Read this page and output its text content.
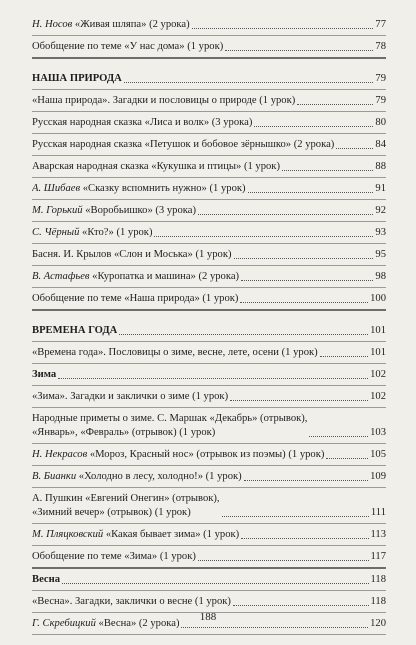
Н. Носов «Живая шляпа» (2 урока)	77
Обобщение по теме «У нас дома» (1 урок)	78
НАША ПРИРОДА	79
«Наша природа». Загадки и пословицы о природе (1 урок)	79
Русская народная сказка «Лиса и волк» (3 урока)	80
Русская народная сказка «Петушок и бобовое зёрнышко» (2 урока)	84
Аварская народная сказка «Кукушка и птицы» (1 урок)	88
А. Шибаев «Сказку вспомнить нужно» (1 урок)	91
М. Горький «Воробьишко» (3 урока)	92
С. Чёрный «Кто?» (1 урок)	93
Басня. И. Крылов «Слон и Моська» (1 урок)	95
В. Астафьев «Куропатка и машина» (2 урока)	98
Обобщение по теме «Наша природа» (1 урок)	100
ВРЕМЕНА ГОДА	101
«Времена года». Пословицы о зиме, весне, лете, осени (1 урок)	101
Зима	102
«Зима». Загадки и заклички о зиме (1 урок)	102
Народные приметы о зиме. С. Маршак «Декабрь» (отрывок),
«Январь», «Февраль» (отрывок) (1 урок)	103
Н. Некрасов «Мороз, Красный нос» (отрывок из поэмы) (1 урок)	105
В. Бианки «Холодно в лесу, холодно!» (1 урок)	109
А. Пушкин «Евгений Онегин» (отрывок),
«Зимний вечер» (отрывок) (1 урок)	111
М. Пляцковский «Какая бывает зима» (1 урок)	113
Обобщение по теме «Зима» (1 урок)	117
Весна	118
«Весна». Загадки, заклички о весне (1 урок)	118
Г. Скребицкий «Весна» (2 урока)	120
188
